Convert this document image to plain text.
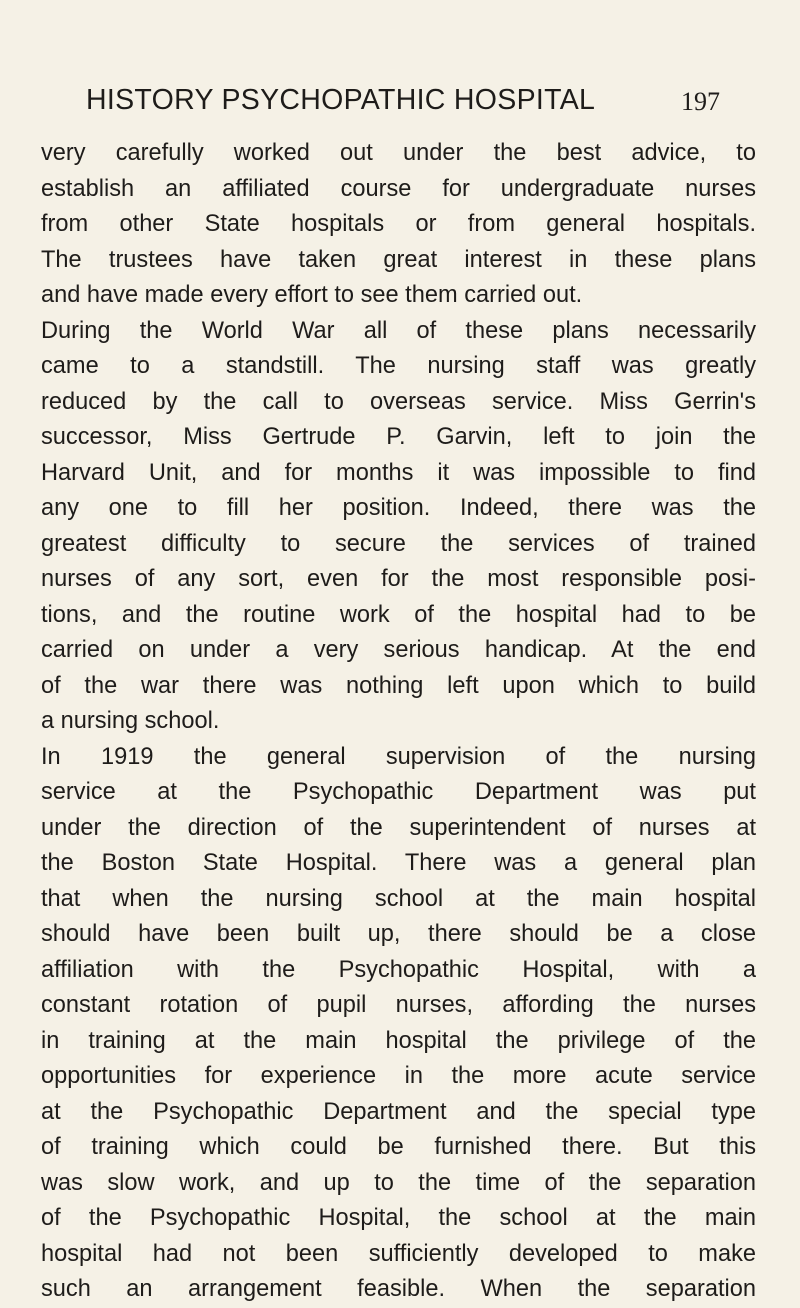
HISTORY PSYCHOPATHIC HOSPITAL	197
very carefully worked out under the best advice, to
establish an affiliated course for undergraduate nurses
from other State hospitals or from general hospitals.
The trustees have taken great interest in these plans
and have made every effort to see them carried out.
During the World War all of these plans necessarily
came to a standstill. The nursing staff was greatly
reduced by the call to overseas service. Miss Gerrin's
successor, Miss Gertrude P. Garvin, left to join the
Harvard Unit, and for months it was impossible to find
any one to fill her position. Indeed, there was the
greatest difficulty to secure the services of trained
nurses of any sort, even for the most responsible posi-
tions, and the routine work of the hospital had to be
carried on under a very serious handicap. At the end
of the war there was nothing left upon which to build
a nursing school.
In 1919 the general supervision of the nursing
service at the Psychopathic Department was put
under the direction of the superintendent of nurses at
the Boston State Hospital. There was a general plan
that when the nursing school at the main hospital
should have been built up, there should be a close
affiliation with the Psychopathic Hospital, with a
constant rotation of pupil nurses, affording the nurses
in training at the main hospital the privilege of the
opportunities for experience in the more acute service
at the Psychopathic Department and the special type
of training which could be furnished there. But this
was slow work, and up to the time of the separation
of the Psychopathic Hospital, the school at the main
hospital had not been sufficiently developed to make
such an arrangement feasible. When the separation
